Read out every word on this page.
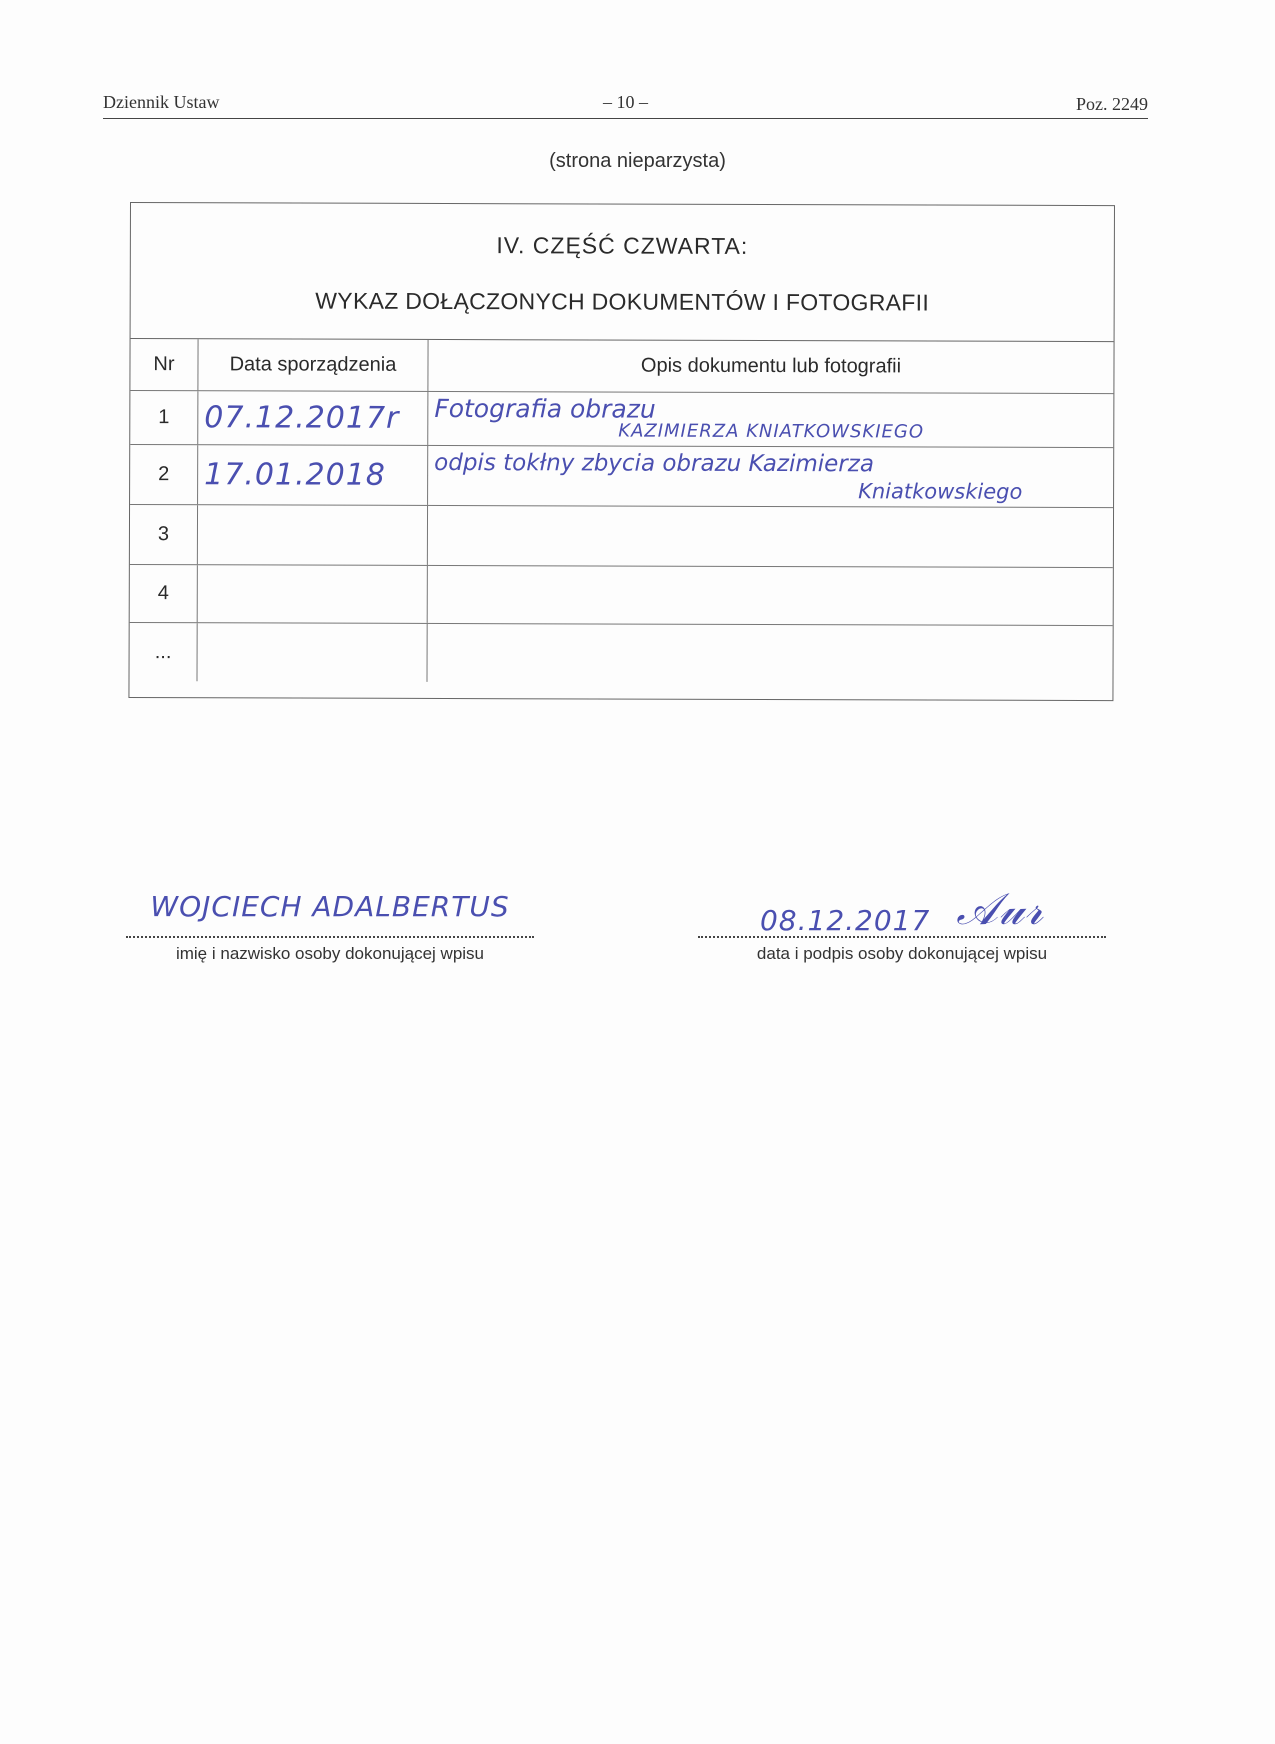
Dziennik Ustaw	– 10 –	Poz. 2249
(strona nieparzysta)
IV. CZĘŚĆ CZWARTA:
WYKAZ DOŁĄCZONYCH DOKUMENTÓW I FOTOGRAFII
Nr	Data sporządzenia	Opis dokumentu lub fotografii
1	07.12.2017r	Fotografia obrazu
KAZIMIERZA KNIATKOWSKIEGO
2	17.01.2018	odpis tokłny zbycia obrazu Kazimierza
Kniatkowskiego
3
4
...
WOJCIECH ADALBERTUS
imię i nazwisko osoby dokonującej wpisu
08.12.2017 𝒜𝓊𝓇
data i podpis osoby dokonującej wpisu
